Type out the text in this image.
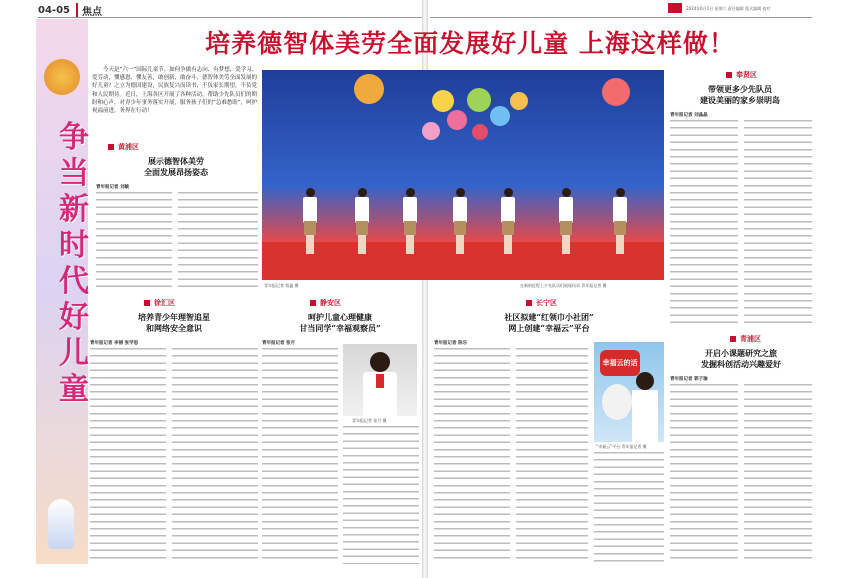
04-05	焦点	2024年6月1日 星期六 责任编辑 版式编辑 校对
培养德智体美劳全面发展好儿童 上海这样做！
争
当
新
时
代
好
儿
童
今天是“六一”国际儿童节。如何争做有志向、有梦想，爱学习、爱劳动，懂感恩、懂友善，敢创新、敢奋斗，德智体美劳全面发展的好儿童？之立为德国建设，民族复兴而读书，不负家长期望，不负党和人民期待。近日，上海各区开展了各种活动，帮助少先队员们的期盼和心声，对青少年事务落实开展，服务孩子们的“急难愁盼”，呵护祝福前进，务界在行动！
黄浦区
展示德智体美劳
全面发展昂扬姿态
青年报记者 刘敏
青年报记者 常鑫 摄	在新的征程上少先队员们展现风采 青年报记者 摄
徐汇区
培养青少年理智追星
和网络安全意识
青年报记者 李丽 张学思
静安区
呵护儿童心理健康
甘当同学“幸福观察员”
青年报记者 张月
青年报记者 张月 摄
长宁区
社区拟建“红领巾小社团”
网上创建“幸福云”平台
青年报记者 陈乐
幸福云的话
“幸福云”平台 青年报记者 摄
奉贤区
带领更多少先队员
建设美丽的家乡崇明岛
青年报记者 刘晶晶
青浦区
开启小课题研究之旅
发掘科创活动兴趣爱好
青年报记者 郭子瑜
